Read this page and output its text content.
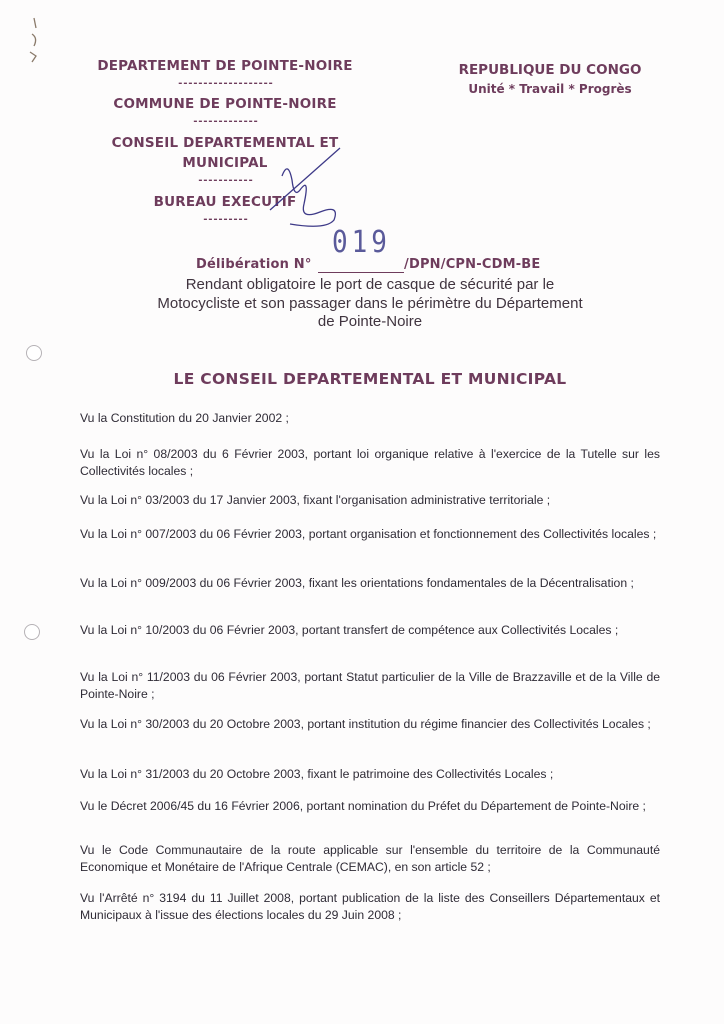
DEPARTEMENT DE POINTE-NOIRE
-------------------
COMMUNE DE POINTE-NOIRE
-------------
CONSEIL DEPARTEMENTAL ET
MUNICIPAL
-----------
BUREAU EXECUTIF
---------
REPUBLIQUE DU CONGO
Unité * Travail * Progrès
Délibération N°
019
/DPN/CPN-CDM-BE
Rendant obligatoire le port de casque de sécurité par le
Motocycliste et son passager dans le périmètre du Département
de Pointe-Noire
LE CONSEIL DEPARTEMENTAL ET MUNICIPAL
Vu la Constitution du 20 Janvier 2002 ;
Vu la Loi n° 08/2003 du 6 Février 2003, portant loi organique relative à l'exercice de la Tutelle sur les Collectivités locales ;
Vu la Loi n° 03/2003 du 17 Janvier 2003, fixant l'organisation administrative territoriale ;
Vu la Loi n° 007/2003 du 06 Février 2003, portant organisation et fonctionnement des Collectivités locales ;
Vu la Loi n° 009/2003 du 06 Février 2003, fixant les orientations fondamentales de la Décentralisation ;
Vu la Loi n° 10/2003 du 06 Février 2003, portant transfert de compétence aux Collectivités Locales ;
Vu la Loi n° 11/2003 du 06 Février 2003, portant Statut particulier de la Ville de Brazzaville et de la Ville de Pointe-Noire ;
Vu la Loi n° 30/2003 du 20 Octobre 2003, portant institution du régime financier des Collectivités Locales ;
Vu la Loi n° 31/2003 du 20 Octobre 2003, fixant le patrimoine des Collectivités Locales ;
Vu le Décret 2006/45 du 16 Février 2006, portant nomination du Préfet du Département de Pointe-Noire ;
Vu le Code Communautaire de la route applicable sur l'ensemble du territoire de la Communauté Economique et Monétaire de l'Afrique Centrale (CEMAC), en son article 52 ;
Vu l'Arrêté n° 3194 du 11 Juillet 2008, portant publication de la liste des Conseillers Départementaux et Municipaux à l'issue des élections locales du 29 Juin 2008 ;
